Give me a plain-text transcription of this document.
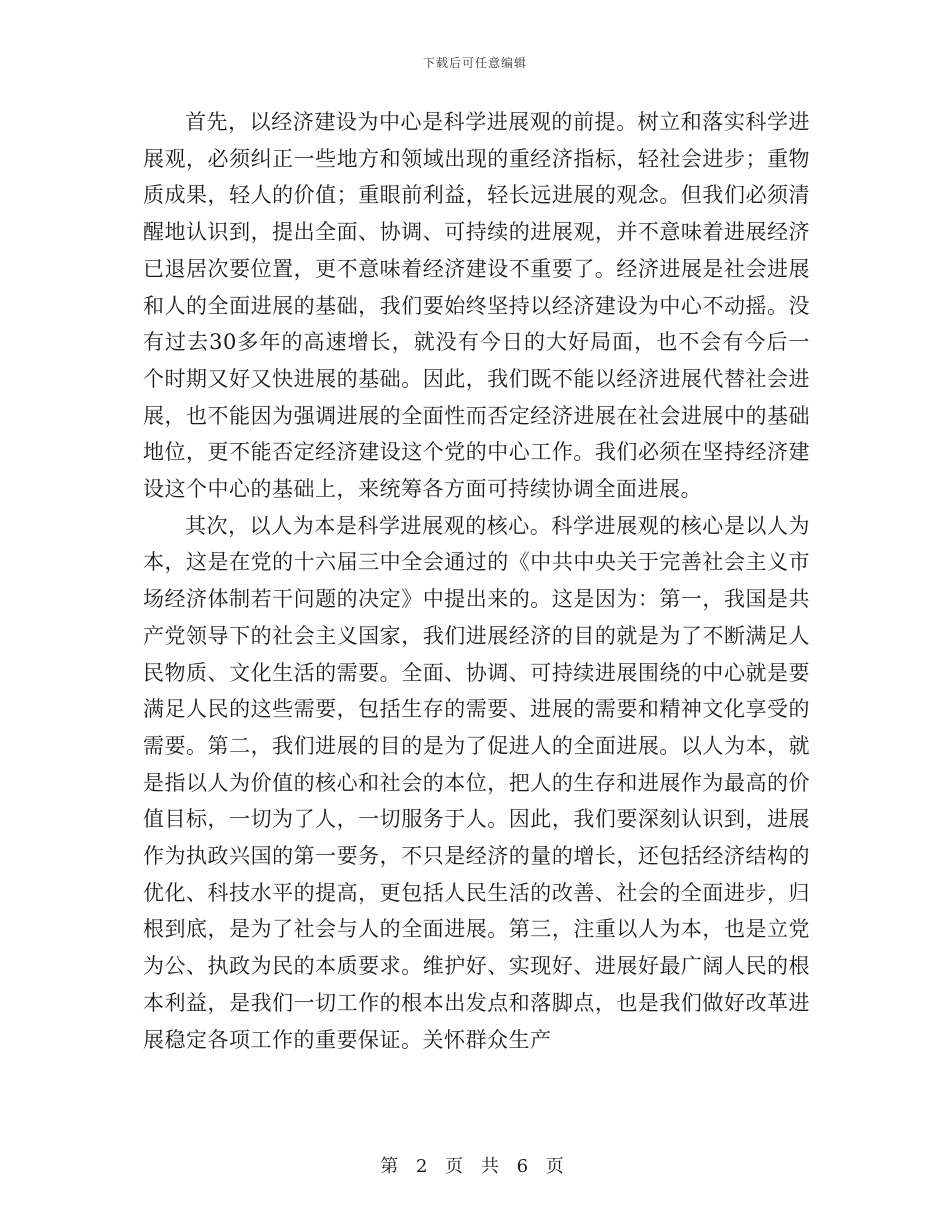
下载后可任意编辑

首先，以经济建设为中心是科学进展观的前提。树立和落实科学进展观，必须纠正一些地方和领域出现的重经济指标，轻社会进步；重物质成果，轻人的价值；重眼前利益，轻长远进展的观念。但我们必须清醒地认识到，提出全面、协调、可持续的进展观，并不意味着进展经济已退居次要位置，更不意味着经济建设不重要了。经济进展是社会进展和人的全面进展的基础，我们要始终坚持以经济建设为中心不动摇。没有过去30多年的高速增长，就没有今日的大好局面，也不会有今后一个时期又好又快进展的基础。因此，我们既不能以经济进展代替社会进展，也不能因为强调进展的全面性而否定经济进展在社会进展中的基础地位，更不能否定经济建设这个党的中心工作。我们必须在坚持经济建设这个中心的基础上，来统筹各方面可持续协调全面进展。

其次，以人为本是科学进展观的核心。科学进展观的核心是以人为本，这是在党的十六届三中全会通过的《中共中央关于完善社会主义市场经济体制若干问题的决定》中提出来的。这是因为：第一，我国是共产党领导下的社会主义国家，我们进展经济的目的就是为了不断满足人民物质、文化生活的需要。全面、协调、可持续进展围绕的中心就是要满足人民的这些需要，包括生存的需要、进展的需要和精神文化享受的需要。第二，我们进展的目的是为了促进人的全面进展。以人为本，就是指以人为价值的核心和社会的本位，把人的生存和进展作为最高的价值目标，一切为了人，一切服务于人。因此，我们要深刻认识到，进展作为执政兴国的第一要务，不只是经济的量的增长，还包括经济结构的优化、科技水平的提高，更包括人民生活的改善、社会的全面进步，归根到底，是为了社会与人的全面进展。第三，注重以人为本，也是立党为公、执政为民的本质要求。维护好、实现好、进展好最广阔人民的根本利益，是我们一切工作的根本出发点和落脚点，也是我们做好改革进展稳定各项工作的重要保证。关怀群众生产

第 2 页 共 6 页
